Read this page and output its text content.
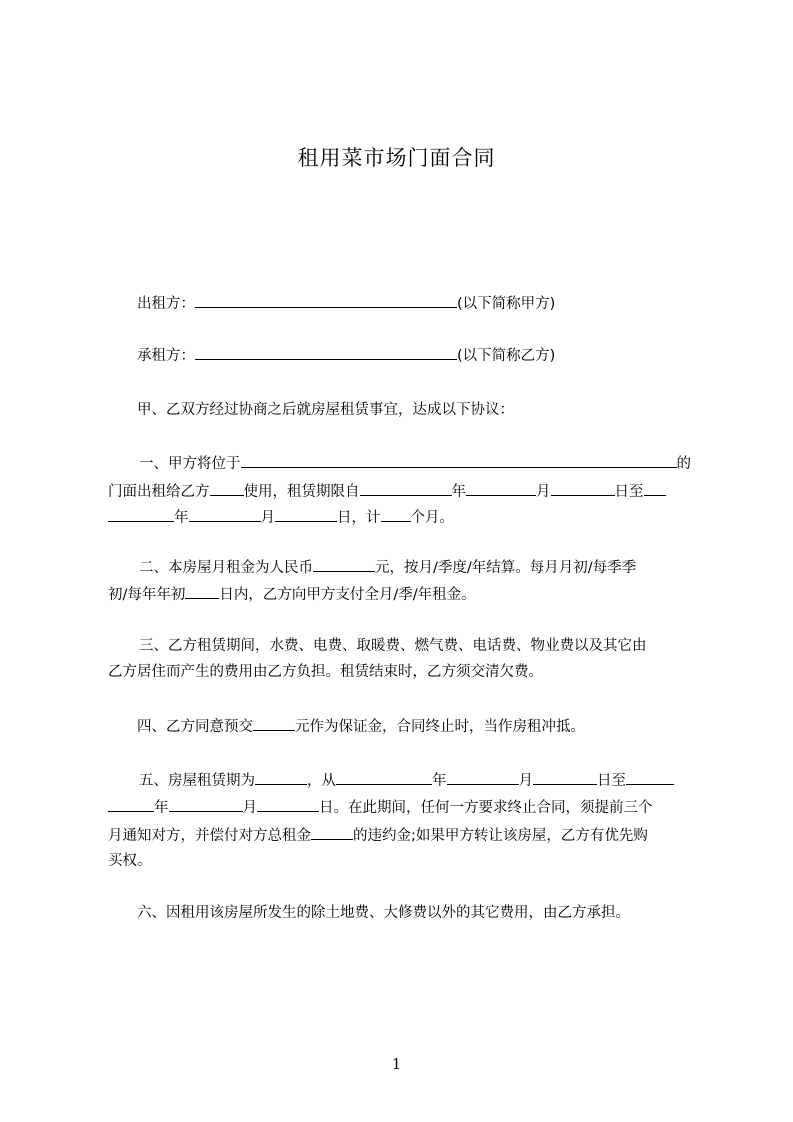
租用菜市场门面合同
出租方：	(以下简称甲方)
承租方：	(以下简称乙方)
甲、乙双方经过协商之后就房屋租赁事宜，达成以下协议：
一、甲方将位于	的
门面出租给乙方 使用，租赁期限自	年	月	日至
年	月	日，计 个月。
二、本房屋月租金为人民币	元，按月/季度/年结算。每月月初/每季季
初/每年年初 日内，乙方向甲方支付全月/季/年租金。
三、乙方租赁期间，水费、电费、取暖费、燃气费、电话费、物业费以及其它由
乙方居住而产生的费用由乙方负担。租赁结束时，乙方须交清欠费。
四、乙方同意预交	元作为保证金，合同终止时，当作房租冲抵。
五、房屋租赁期为	，从	年	月	日至
年	月	日。在此期间，任何一方要求终止合同，须提前三个
月通知对方，并偿付对方总租金	的违约金;如果甲方转让该房屋，乙方有优先购
买权。
六、因租用该房屋所发生的除土地费、大修费以外的其它费用，由乙方承担。
1
